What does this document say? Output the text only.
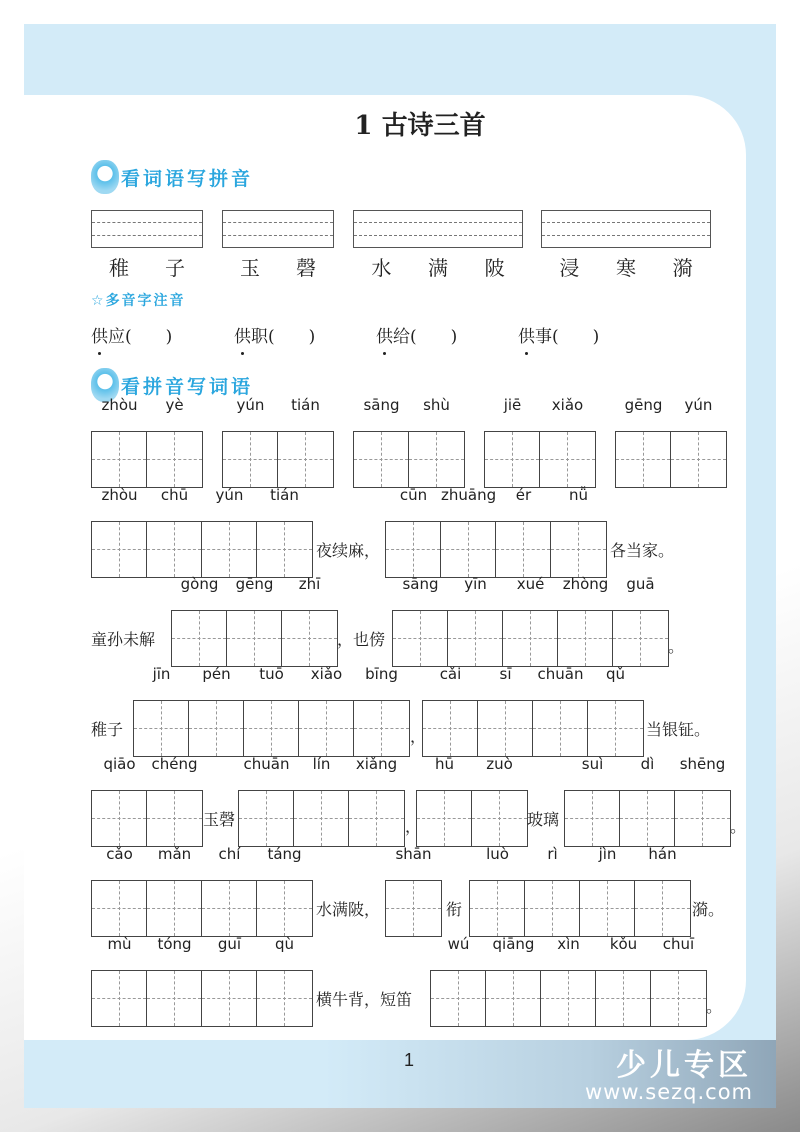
1	少儿专区
www.sezq.com
1 古诗三首
看词语写拼音
稚 子	玉 磬	水 满 陂	浸 寒 漪
☆多音字注音
供应(　　)	供职(　　)	供给(　　)	供事(　　)
看拼音写词语
zhòu	yè	yún	tián	sāng	shù	jiē	xiǎo	gēng	yún
zhòu	chū	yún	tián
夜续麻，
cūn zhuāng	ér	nǚ
各当家。
童孙未解
gòng	gēng	zhī
，也傍
sāng	yīn	xué	zhòng	guā
。
稚子
jīn	pén	tuō	xiǎo	bīng
，
cǎi	sī	chuān	qǔ
当银钲。
qiāo	chéng
玉磬
chuān	lín	xiǎng
，
hū	zuò
玻璃
suì	dì	shēng
。
cǎo	mǎn	chí	táng
水满陂，
shān
衔
luò	rì	jìn	hán
漪。
mù	tóng	guī	qù
横牛背，短笛
wú	qiāng	xìn	kǒu	chuī
。
